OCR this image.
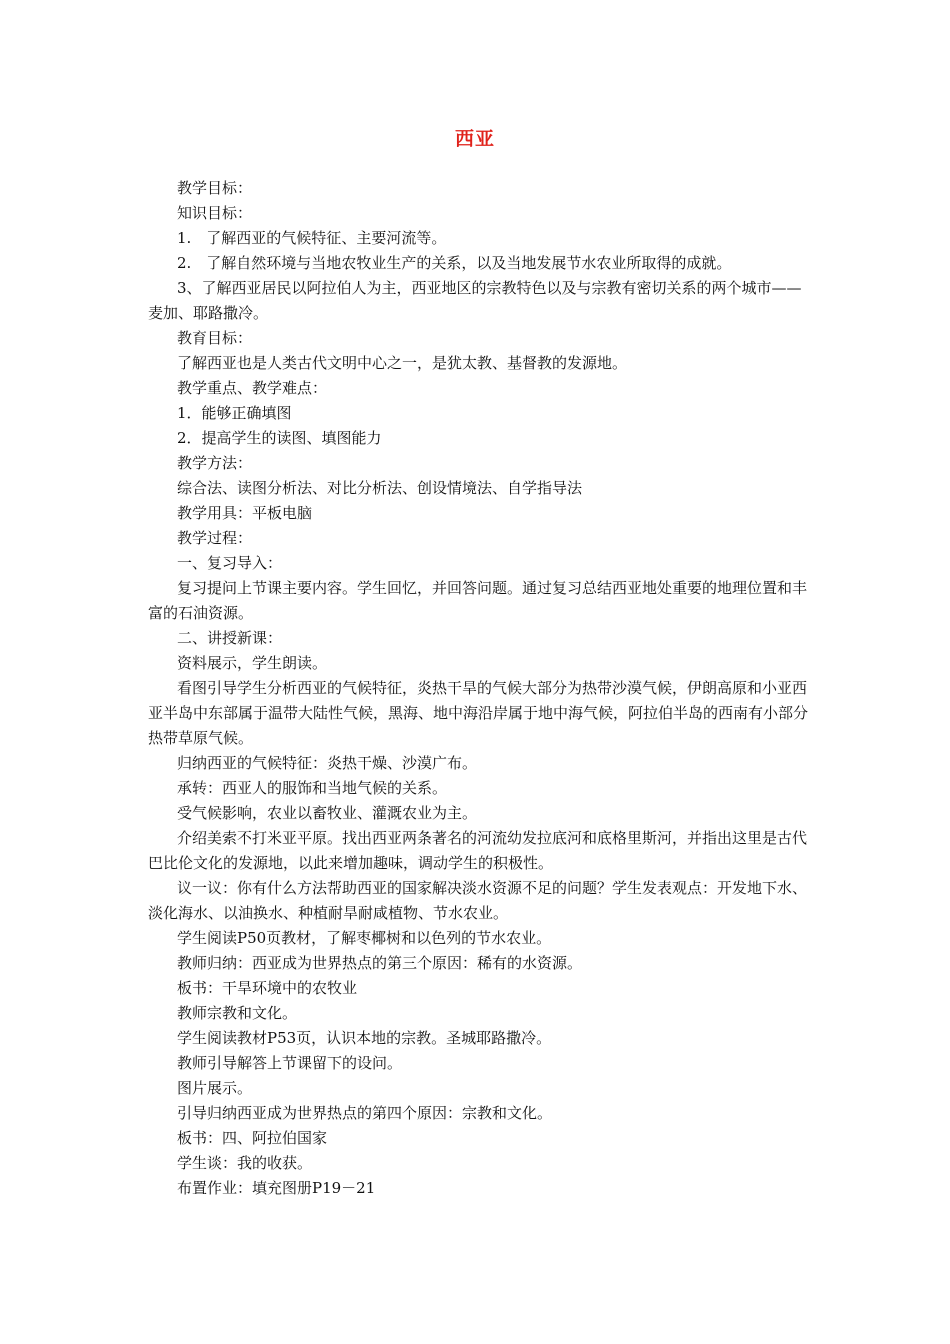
西亚

教学目标：

知识目标：

1.　了解西亚的气候特征、主要河流等。

2.　了解自然环境与当地农牧业生产的关系，以及当地发展节水农业所取得的成就。

3、了解西亚居民以阿拉伯人为主，西亚地区的宗教特色以及与宗教有密切关系的两个城市——麦加、耶路撒冷。

教育目标：

了解西亚也是人类古代文明中心之一，是犹太教、基督教的发源地。

教学重点、教学难点：

1．能够正确填图

2．提高学生的读图、填图能力

教学方法：

综合法、读图分析法、对比分析法、创设情境法、自学指导法

教学用具：平板电脑

教学过程：

一、复习导入：

复习提问上节课主要内容。学生回忆，并回答问题。通过复习总结西亚地处重要的地理位置和丰富的石油资源。

二、讲授新课：

资料展示，学生朗读。

看图引导学生分析西亚的气候特征，炎热干旱的气候大部分为热带沙漠气候，伊朗高原和小亚西亚半岛中东部属于温带大陆性气候，黑海、地中海沿岸属于地中海气候，阿拉伯半岛的西南有小部分热带草原气候。

归纳西亚的气候特征：炎热干燥、沙漠广布。

承转：西亚人的服饰和当地气候的关系。

受气候影响，农业以畜牧业、灌溉农业为主。

介绍美索不打米亚平原。找出西亚两条著名的河流幼发拉底河和底格里斯河，并指出这里是古代巴比伦文化的发源地，以此来增加趣味，调动学生的积极性。

议一议：你有什么方法帮助西亚的国家解决淡水资源不足的问题？学生发表观点：开发地下水、淡化海水、以油换水、种植耐旱耐咸植物、节水农业。

学生阅读P50页教材，了解枣椰树和以色列的节水农业。

教师归纳：西亚成为世界热点的第三个原因：稀有的水资源。

板书：干旱环境中的农牧业

教师宗教和文化。

学生阅读教材P53页，认识本地的宗教。圣城耶路撒冷。

教师引导解答上节课留下的设问。

图片展示。

引导归纳西亚成为世界热点的第四个原因：宗教和文化。

板书：四、阿拉伯国家

学生谈：我的收获。

布置作业：填充图册P19－21
